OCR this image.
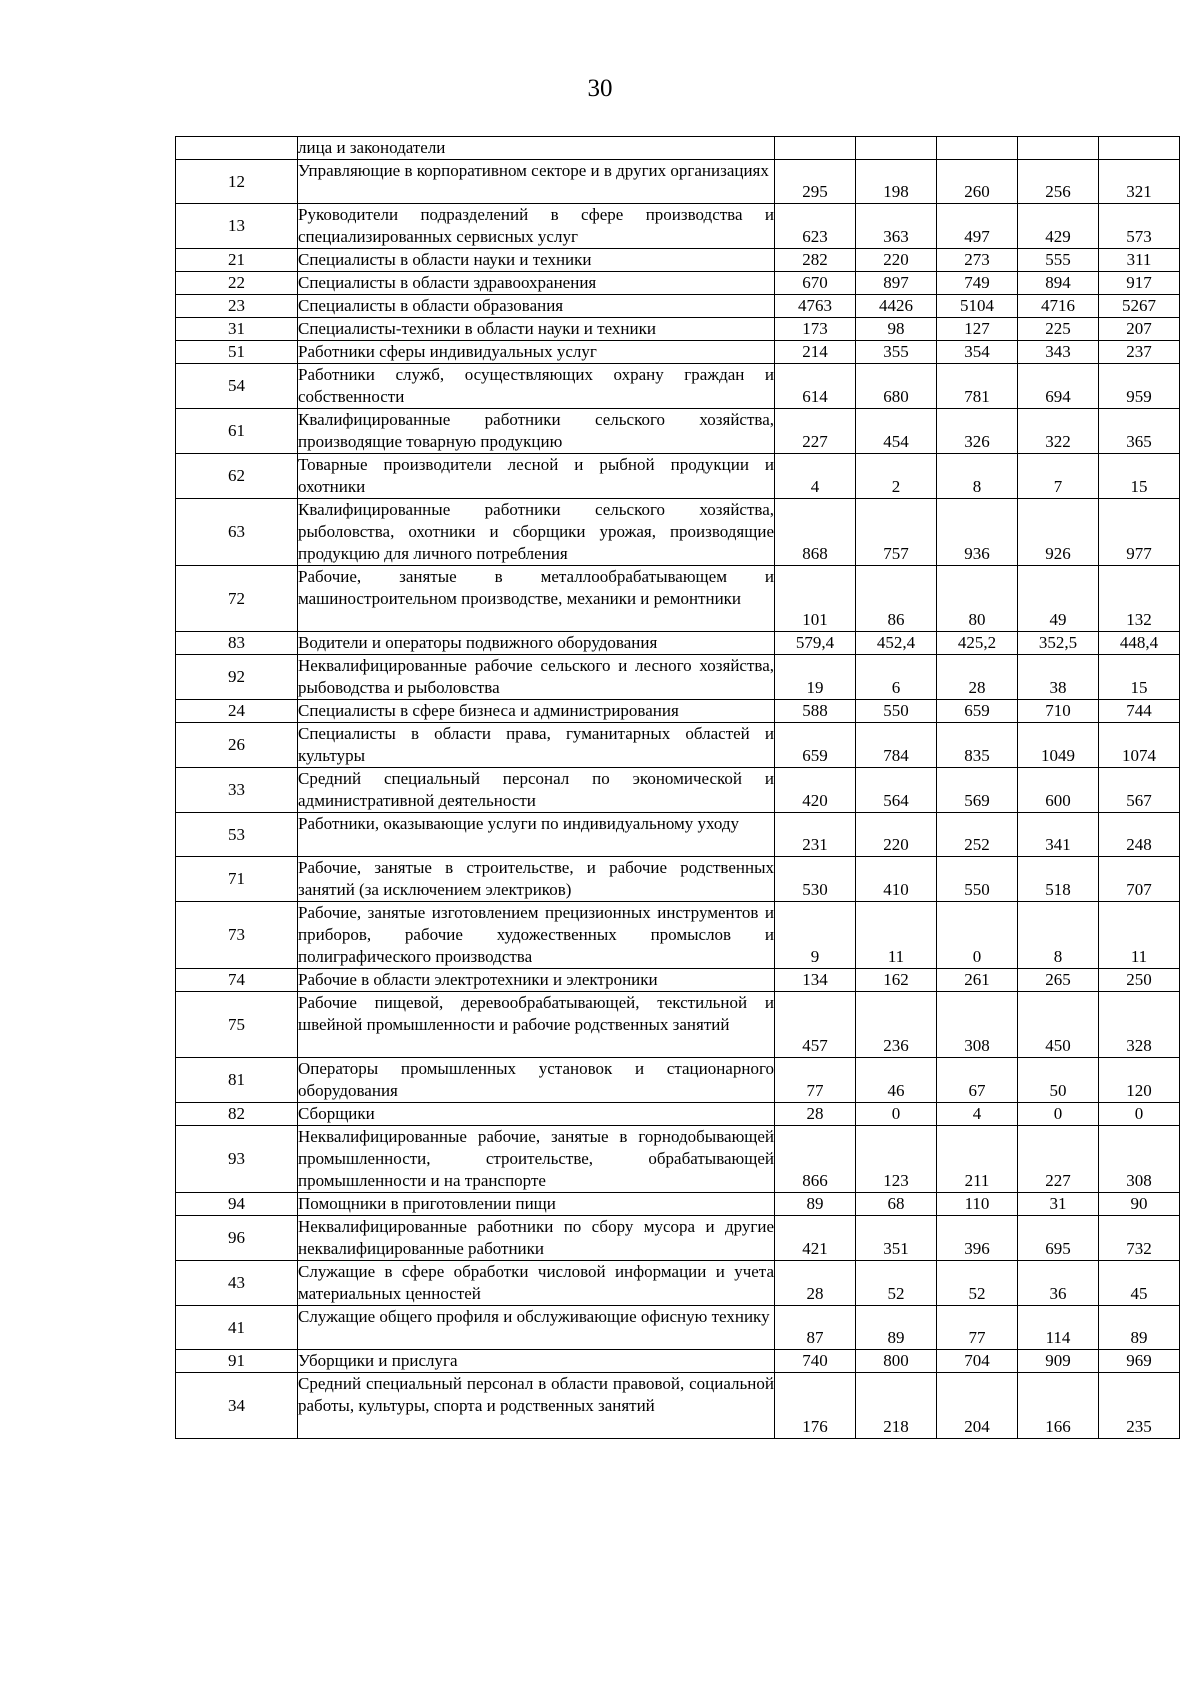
30
	лица и законодатели					
12	Управляющие в корпоративном секторе и в других организациях	295	198	260	256	321
13	Руководители подразделений в сфере производства и специализированных сервисных услуг	623	363	497	429	573
21	Специалисты в области науки и техники	282	220	273	555	311
22	Специалисты в области здравоохранения	670	897	749	894	917
23	Специалисты в области образования	4763	4426	5104	4716	5267
31	Специалисты-техники в области науки и техники	173	98	127	225	207
51	Работники сферы индивидуальных услуг	214	355	354	343	237
54	Работники служб, осуществляющих охрану граждан и собственности	614	680	781	694	959
61	Квалифицированные работники сельского хозяйства, производящие товарную продукцию	227	454	326	322	365
62	Товарные производители лесной и рыбной продукции и охотники	4	2	8	7	15
63	Квалифицированные работники сельского хозяйства, рыболовства, охотники и сборщики урожая, производящие продукцию для личного потребления	868	757	936	926	977
72	Рабочие, занятые в металлообрабатывающем и машиностроительном производстве, механики и ремонтники	101	86	80	49	132
83	Водители и операторы подвижного оборудования	579,4	452,4	425,2	352,5	448,4
92	Неквалифицированные рабочие сельского и лесного хозяйства, рыбоводства и рыболовства	19	6	28	38	15
24	Специалисты в сфере бизнеса и администрирования	588	550	659	710	744
26	Специалисты в области права, гуманитарных областей и культуры	659	784	835	1049	1074
33	Средний специальный персонал по экономической и административной деятельности	420	564	569	600	567
53	Работники, оказывающие услуги по индивидуальному уходу	231	220	252	341	248
71	Рабочие, занятые в строительстве, и рабочие родственных занятий (за исключением электриков)	530	410	550	518	707
73	Рабочие, занятые изготовлением прецизионных инструментов и приборов, рабочие художественных промыслов и полиграфического производства	9	11	0	8	11
74	Рабочие в области электротехники и электроники	134	162	261	265	250
75	Рабочие пищевой, деревообрабатывающей, текстильной и швейной промышленности и рабочие родственных занятий	457	236	308	450	328
81	Операторы промышленных установок и стационарного оборудования	77	46	67	50	120
82	Сборщики	28	0	4	0	0
93	Неквалифицированные рабочие, занятые в горнодобывающей промышленности, строительстве, обрабатывающей промышленности и на транспорте	866	123	211	227	308
94	Помощники в приготовлении пищи	89	68	110	31	90
96	Неквалифицированные работники по сбору мусора и другие неквалифицированные работники	421	351	396	695	732
43	Служащие в сфере обработки числовой информации и учета материальных ценностей	28	52	52	36	45
41	Служащие общего профиля и обслуживающие офисную технику	87	89	77	114	89
91	Уборщики и прислуга	740	800	704	909	969
34	Средний специальный персонал в области правовой, социальной работы, культуры, спорта и родственных занятий	176	218	204	166	235
